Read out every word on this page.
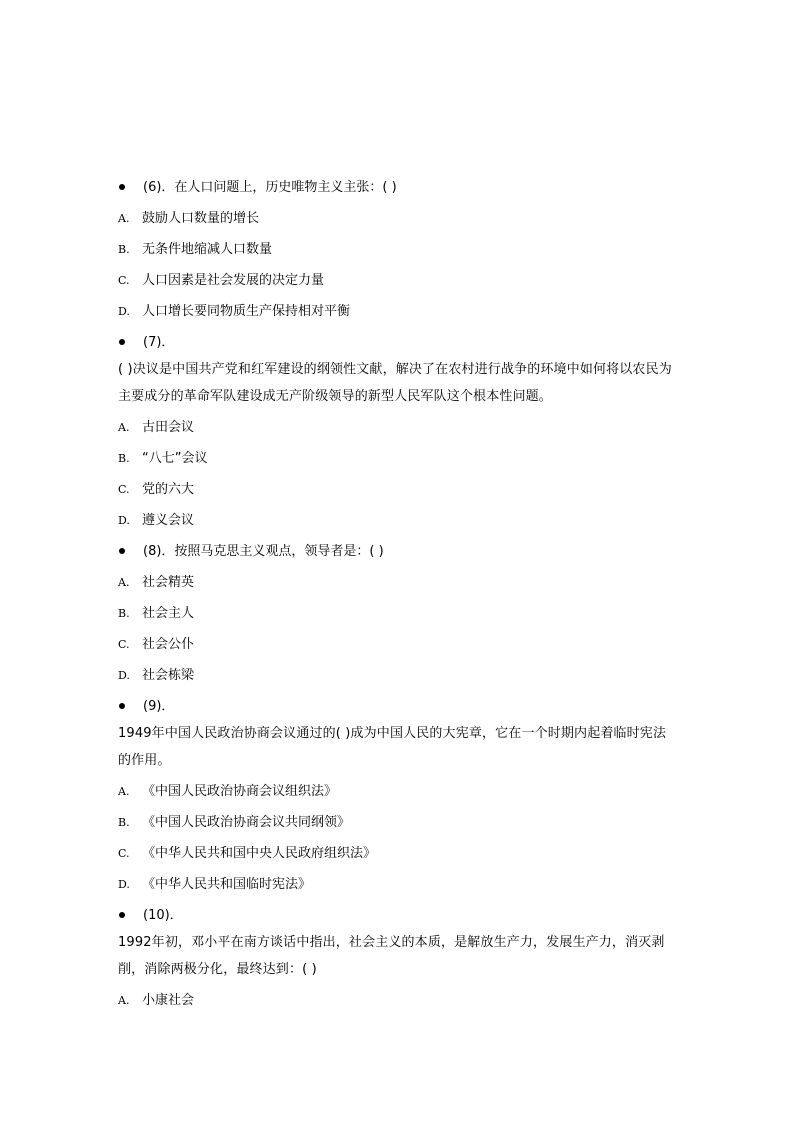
(6)．在人口问题上，历史唯物主义主张：( )
A. 鼓励人口数量的增长
B. 无条件地缩减人口数量
C. 人口因素是社会发展的决定力量
D. 人口增长要同物质生产保持相对平衡
(7)．
( )决议是中国共产党和红军建设的纲领性文献，解决了在农村进行战争的环境中如何将以农民为主要成分的革命军队建设成无产阶级领导的新型人民军队这个根本性问题。
A. 古田会议
B. “八七”会议
C. 党的六大
D. 遵义会议
(8)．按照马克思主义观点，领导者是：( )
A. 社会精英
B. 社会主人
C. 社会公仆
D. 社会栋梁
(9)．
1949年中国人民政治协商会议通过的( )成为中国人民的大宪章，它在一个时期内起着临时宪法的作用。
A. 《中国人民政治协商会议组织法》
B. 《中国人民政治协商会议共同纲领》
C. 《中华人民共和国中央人民政府组织法》
D. 《中华人民共和国临时宪法》
(10)．
1992年初，邓小平在南方谈话中指出，社会主义的本质，是解放生产力，发展生产力，消灭剥削，消除两极分化，最终达到：( )
A. 小康社会
